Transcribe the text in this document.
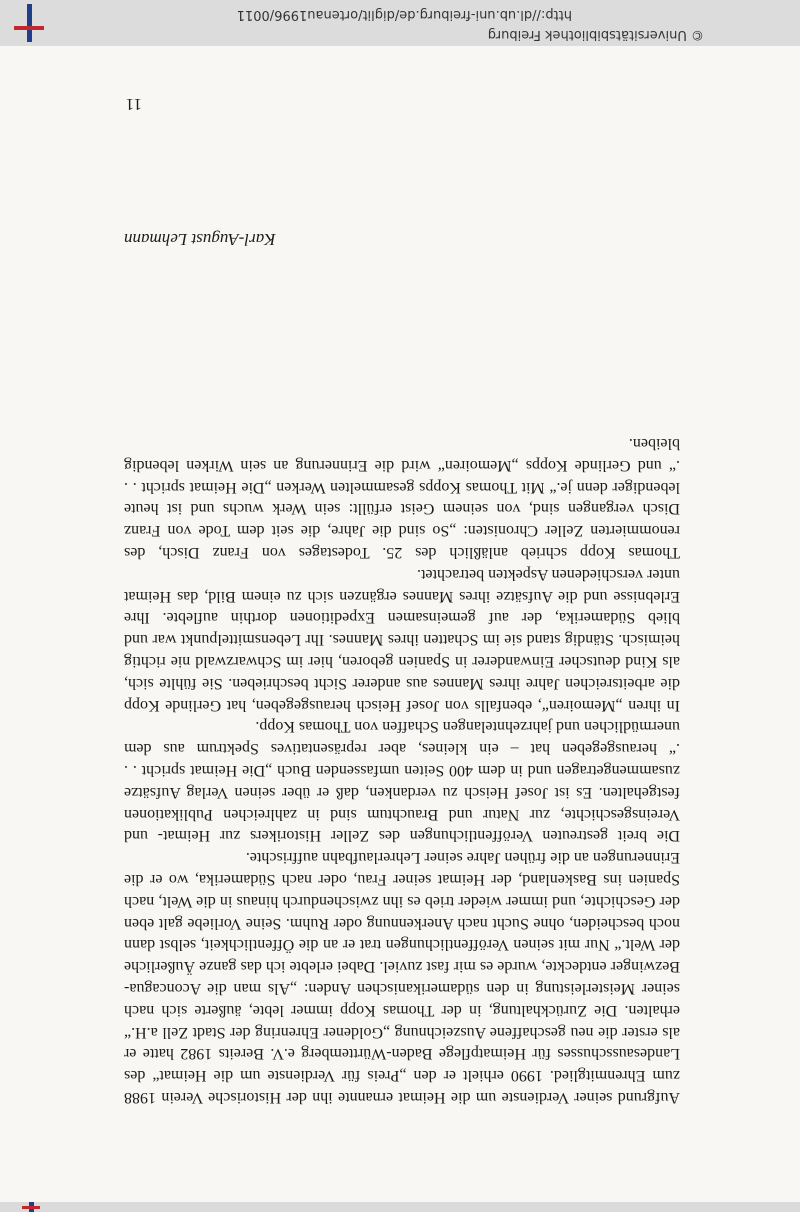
Aufgrund seiner Verdienste um die Heimat ernannte ihn der Historische Verein 1988 zum Ehrenmitglied. 1990 erhielt er den „Preis für Verdienste um die Heimat“ des Landesausschusses für Heimatpflege Baden-Württemberg e.V. Bereits 1982 hatte er als erster die neu geschaffene Auszeichnung „Goldener Ehrenring der Stadt Zell a.H.“ erhalten. Die Zurückhaltung, in der Thomas Kopp immer lebte, äußerte sich nach seiner Meisterleistung in den südamerikanischen Anden: „Als man die Aconcagua-Bezwinger entdeckte, wurde es mir fast zuviel. Dabei erlebte ich das ganze Äußerliche der Welt.“ Nur mit seinen Veröffentlichungen trat er an die Öffentlichkeit, selbst dann noch bescheiden, ohne Sucht nach Anerkennung oder Ruhm. Seine Vorliebe galt eben der Geschichte, und immer wieder trieb es ihn zwischendurch hinaus in die Welt, nach Spanien ins Baskenland, der Heimat seiner Frau, oder nach Südamerika, wo er die Erinnerungen an die frühen Jahre seiner Lehrerlaufbahn auffrischte.

Die breit gestreuten Veröffentlichungen des Zeller Historikers zur Heimat- und Vereinsgeschichte, zur Natur und Brauchtum sind in zahlreichen Publikationen festgehalten. Es ist Josef Heisch zu verdanken, daß er über seinen Verlag Aufsätze zusammengetragen und in dem 400 Seiten umfassenden Buch „Die Heimat spricht . . .“ herausgegeben hat – ein kleines, aber repräsentatives Spektrum aus dem unermüdlichen und jahrzehntelangen Schaffen von Thomas Kopp.

In ihren „Memoiren“, ebenfalls von Josef Heisch herausgegeben, hat Gerlinde Kopp die arbeitsreichen Jahre ihres Mannes aus anderer Sicht beschrieben. Sie fühlte sich, als Kind deutscher Einwanderer in Spanien geboren, hier im Schwarzwald nie richtig heimisch. Ständig stand sie im Schatten ihres Mannes. Ihr Lebensmittelpunkt war und blieb Südamerika, der auf gemeinsamen Expeditionen dorthin auflebte. Ihre Erlebnisse und die Aufsätze ihres Mannes ergänzen sich zu einem Bild, das Heimat unter verschiedenen Aspekten betrachtet.

Thomas Kopp schrieb anläßlich des 25. Todestages von Franz Disch, des renommierten Zeller Chronisten: „So sind die Jahre, die seit dem Tode von Franz Disch vergangen sind, von seinem Geist erfüllt: sein Werk wuchs und ist heute lebendiger denn je.“ Mit Thomas Kopps gesammelten Werken „Die Heimat spricht . . .“ und Gerlinde Kopps „Memoiren“ wird die Erinnerung an sein Wirken lebendig bleiben.

Karl-August Lehmann
11
© Universitätsbibliothek Freiburg
http://dl.ub.uni-freiburg.de/diglit/ortenau1996/0011
